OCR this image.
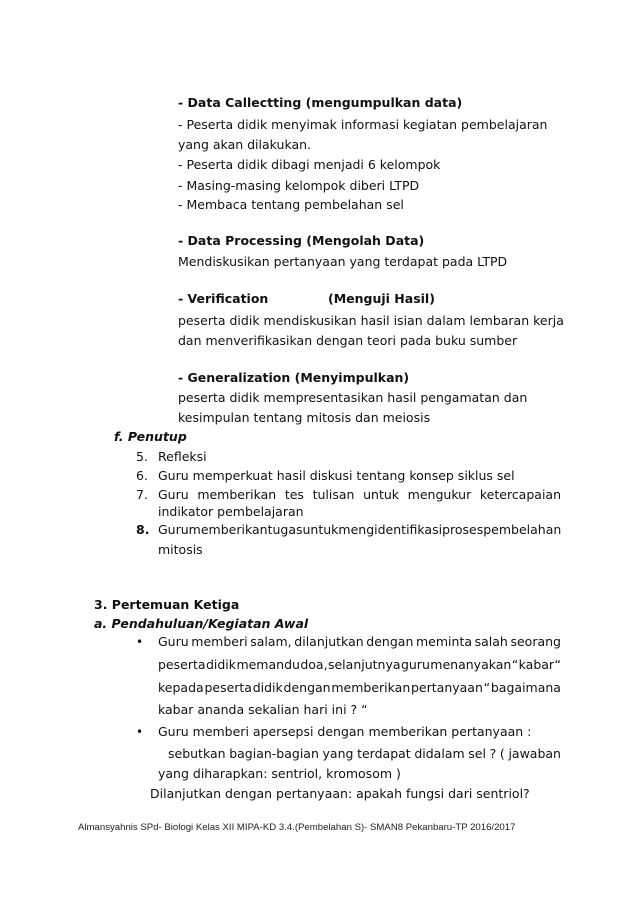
- Data Callectting (mengumpulkan data)
- Peserta didik menyimak informasi kegiatan pembelajaran
yang akan dilakukan.
- Peserta didik dibagi menjadi 6 kelompok
- Masing-masing kelompok diberi LTPD
- Membaca tentang pembelahan sel
- Data Processing (Mengolah Data)
Mendiskusikan pertanyaan yang terdapat pada LTPD
- Verification	(Menguji Hasil)
peserta didik mendiskusikan hasil isian dalam lembaran kerja
dan menverifikasikan dengan teori pada buku sumber
- Generalization (Menyimpulkan)
peserta didik mempresentasikan hasil pengamatan dan
kesimpulan tentang mitosis dan meiosis
f. Penutup
5. Refleksi
6. Guru memperkuat hasil diskusi tentang konsep siklus sel
7. Guru memberikan tes tulisan untuk mengukur ketercapaian
indikator pembelajaran
8. Guru memberikan tugas untuk mengidentifikasi proses pembelahan
mitosis
3. Pertemuan Ketiga
a. Pendahuluan/Kegiatan Awal
• Guru memberi salam, dilanjutkan dengan meminta salah seorang
peserta didik memandu doa, selanjutnya guru menanyakan “ kabar “
kepada peserta didik dengan memberikan pertanyaan “ bagaimana
kabar ananda sekalian hari ini ? “
• Guru memberi apersepsi dengan memberikan pertanyaan :
sebutkan bagian-bagian yang terdapat didalam sel ? ( jawaban
yang diharapkan: sentriol, kromosom )
Dilanjutkan dengan pertanyaan: apakah fungsi dari sentriol?
Almansyahnis SPd- Biologi Kelas XII MIPA-KD 3.4.(Pembelahan S)- SMAN8 Pekanbaru-TP 2016/2017
